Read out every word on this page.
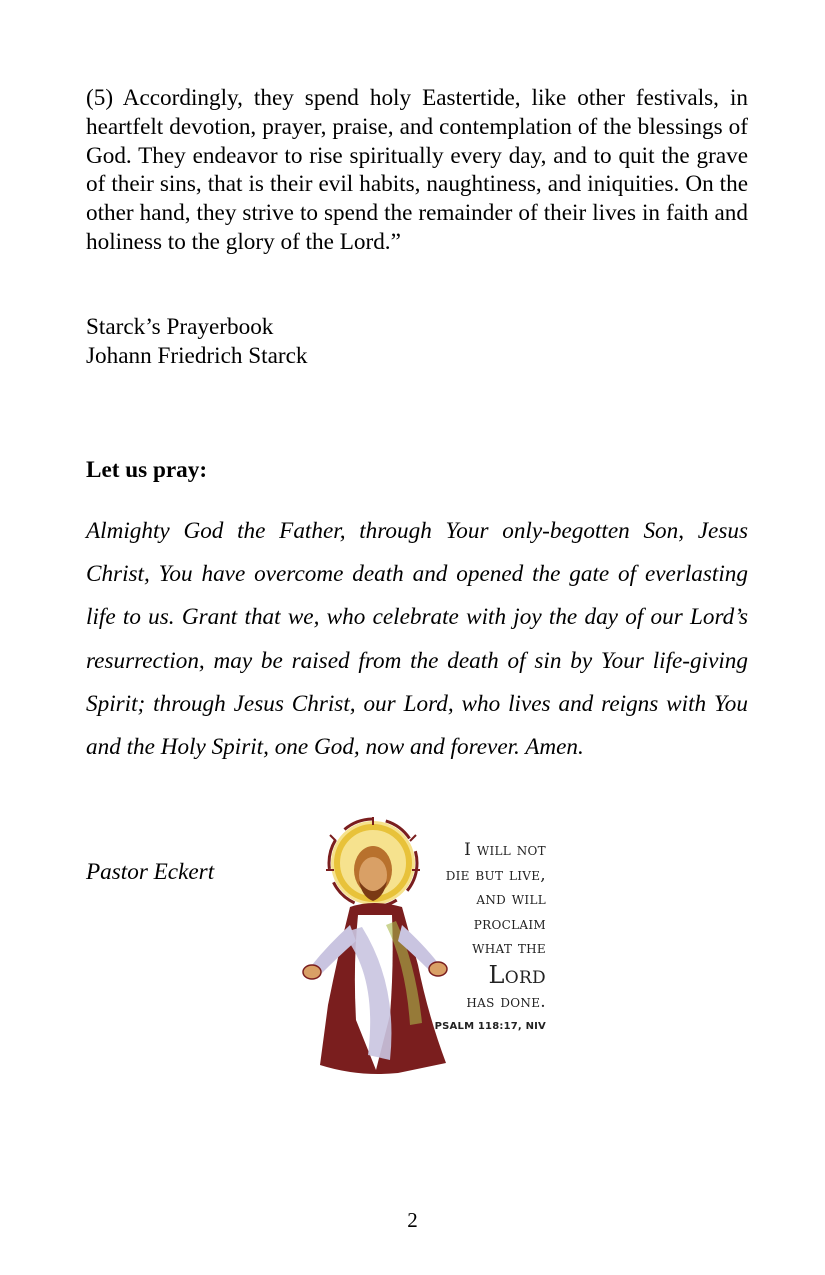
(5) Accordingly, they spend holy Eastertide, like other festivals, in heartfelt devotion, prayer, praise, and contemplation of the blessings of God. They endeavor to rise spiritually every day, and to quit the grave of their sins, that is their evil habits, naughtiness, and iniquities. On the other hand, they strive to spend the remainder of their lives in faith and holiness to the glory of the Lord.”

Starck’s Prayerbook
Johann Friedrich Starck
Let us pray:

Almighty God the Father, through Your only-begotten Son, Jesus Christ, You have overcome death and opened the gate of everlasting life to us. Grant that we, who celebrate with joy the day of our Lord’s resurrection, may be raised from the death of sin by Your life-giving Spirit; through Jesus Christ, our Lord, who lives and reigns with You and the Holy Spirit, one God, now and forever. Amen.

Pastor Eckert
I will not
die but live,
and will
proclaim
what the
Lord
has done.
PSALM 118:17, NIV
2
